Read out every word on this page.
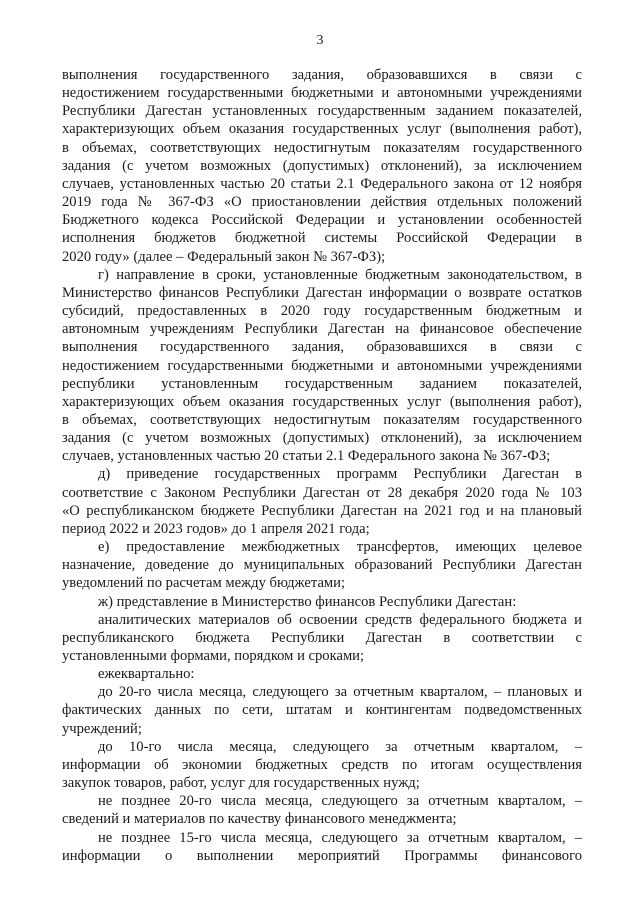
3

выполнения государственного задания, образовавшихся в связи с

недостижением государственными бюджетными и автономными учреждениями

Республики Дагестан установленных государственным заданием показателей,

характеризующих объем оказания государственных услуг (выполнения работ),

в объемах, соответствующих недостигнутым показателям государственного

задания (с учетом возможных (допустимых) отклонений), за исключением

случаев, установленных частью 20 статьи 2.1 Федерального закона от 12 ноября

2019 года № 367-ФЗ «О приостановлении действия отдельных положений

Бюджетного кодекса Российской Федерации и установлении особенностей

исполнения бюджетов бюджетной системы Российской Федерации в

2020 году» (далее – Федеральный закон № 367-ФЗ);

г) направление в сроки, установленные бюджетным законодательством, в

Министерство финансов Республики Дагестан информации о возврате остатков

субсидий, предоставленных в 2020 году государственным бюджетным и

автономным учреждениям Республики Дагестан на финансовое обеспечение

выполнения государственного задания, образовавшихся в связи с

недостижением государственными бюджетными и автономными учреждениями

республики установленным государственным заданием показателей,

характеризующих объем оказания государственных услуг (выполнения работ),

в объемах, соответствующих недостигнутым показателям государственного

задания (с учетом возможных (допустимых) отклонений), за исключением

случаев, установленных частью 20 статьи 2.1 Федерального закона № 367-ФЗ;

д) приведение государственных программ Республики Дагестан в

соответствие с Законом Республики Дагестан от 28 декабря 2020 года № 103

«О республиканском бюджете Республики Дагестан на 2021 год и на плановый

период 2022 и 2023 годов» до 1 апреля 2021 года;

е) предоставление межбюджетных трансфертов, имеющих целевое

назначение, доведение до муниципальных образований Республики Дагестан

уведомлений по расчетам между бюджетами;

ж) представление в Министерство финансов Республики Дагестан:

аналитических материалов об освоении средств федерального бюджета и

республиканского бюджета Республики Дагестан в соответствии с

установленными формами, порядком и сроками;

ежеквартально:

до 20-го числа месяца, следующего за отчетным кварталом, – плановых и

фактических данных по сети, штатам и контингентам подведомственных

учреждений;

до 10-го числа месяца, следующего за отчетным кварталом, –

информации об экономии бюджетных средств по итогам осуществления

закупок товаров, работ, услуг для государственных нужд;

не позднее 20-го числа месяца, следующего за отчетным кварталом, –

сведений и материалов по качеству финансового менеджмента;

не позднее 15-го числа месяца, следующего за отчетным кварталом, –

информации о выполнении мероприятий Программы финансового
